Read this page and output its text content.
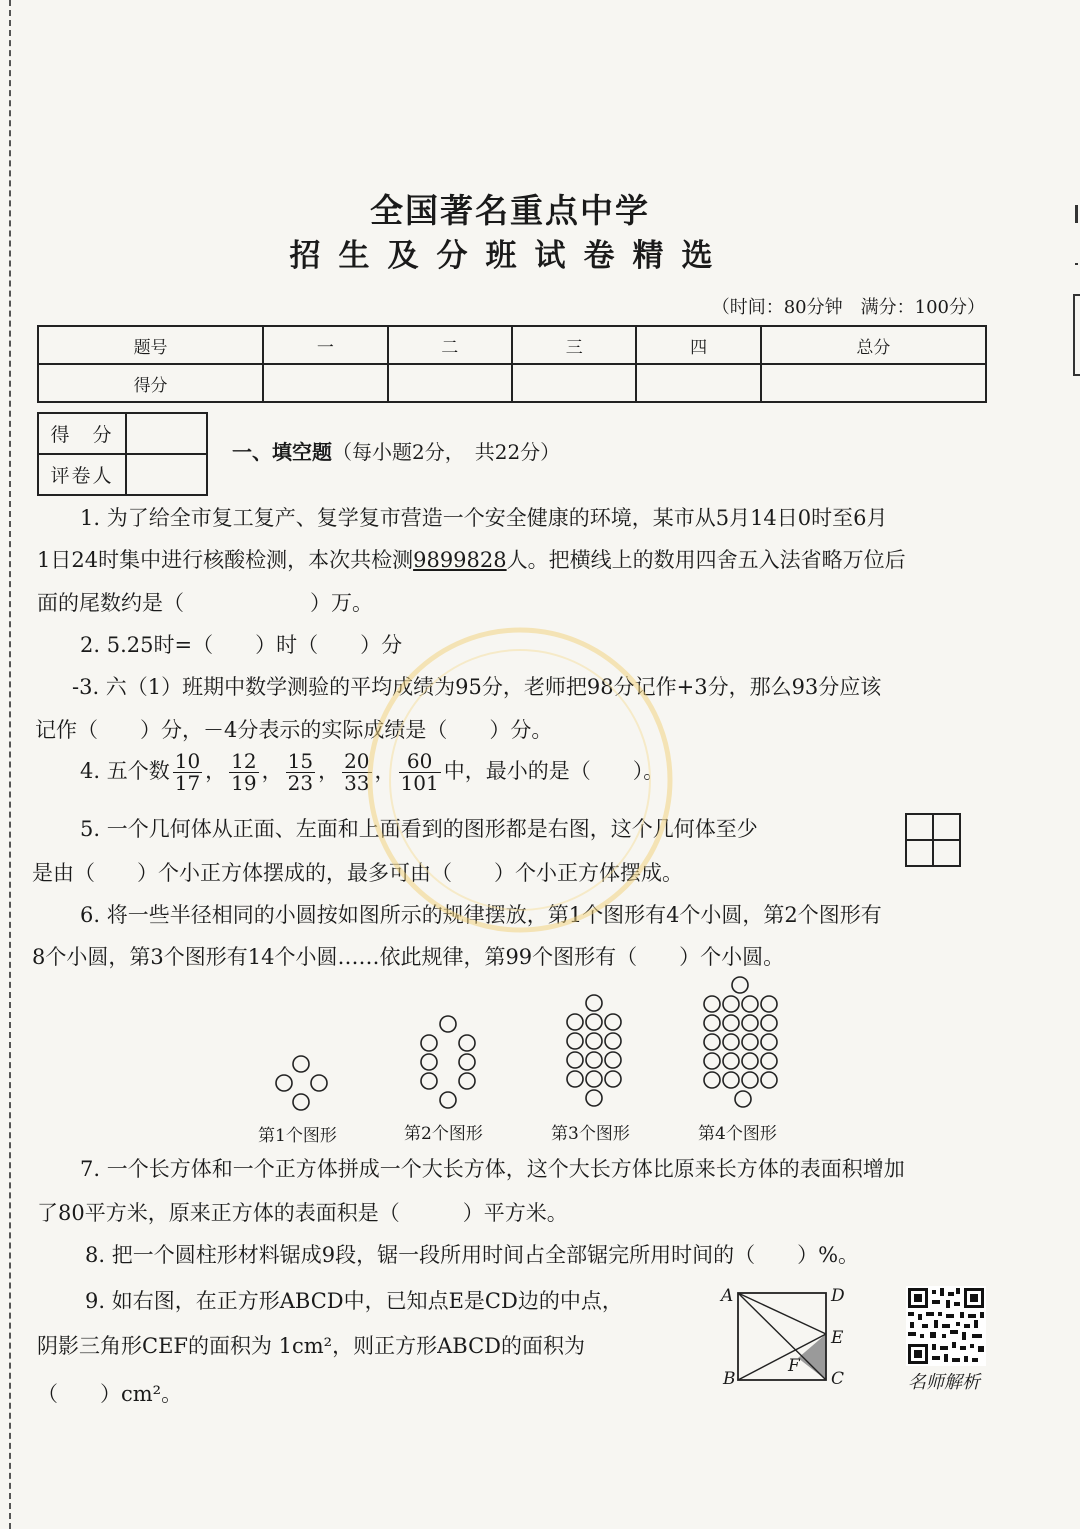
全国著名重点中学
招生及分班试卷精选
（时间：80分钟　满分：100分）
题号	一	二	三	四	总分
得分					
得　分	
评卷人	
一、填空题（每小题2分，　共22分）
1. 为了给全市复工复产、复学复市营造一个安全健康的环境，某市从5月14日0时至6月
1日24时集中进行核酸检测，本次共检测9899828人。把横线上的数用四舍五入法省略万位后
面的尾数约是（　　　　　　）万。
2. 5.25时=（　　）时（　　）分
-3. 六（1）班期中数学测验的平均成绩为95分，老师把98分记作+3分，那么93分应该
记作（　　）分，－4分表示的实际成绩是（　　）分。
4. 五个数 $\frac{10}{17}$ ， $\frac{12}{19}$ ， $\frac{15}{23}$ ， $\frac{20}{33}$ ， $\frac{60}{101}$ 中，最小的是（　　）。
5. 一个几何体从正面、左面和上面看到的图形都是右图，这个几何体至少
是由（　　）个小正方体摆成的，最多可由（　　）个小正方体摆成。
6. 将一些半径相同的小圆按如图所示的规律摆放，第1个图形有4个小圆，第2个图形有
8个小圆，第3个图形有14个小圆……依此规律，第99个图形有（　　）个小圆。
第1个图形	第2个图形	第3个图形	第4个图形
7. 一个长方体和一个正方体拼成一个大长方体，这个大长方体比原来长方体的表面积增加
了80平方米，原来正方体的表面积是（　　　）平方米。
8. 把一个圆柱形材料锯成9段，锯一段所用时间占全部锯完所用时间的（　　）%。
9. 如右图，在正方形ABCD中，已知点E是CD边的中点，
阴影三角形CEF的面积为 1cm²，则正方形ABCD的面积为
（　　）cm²。
A	D
E
F
B	C	名师解析
